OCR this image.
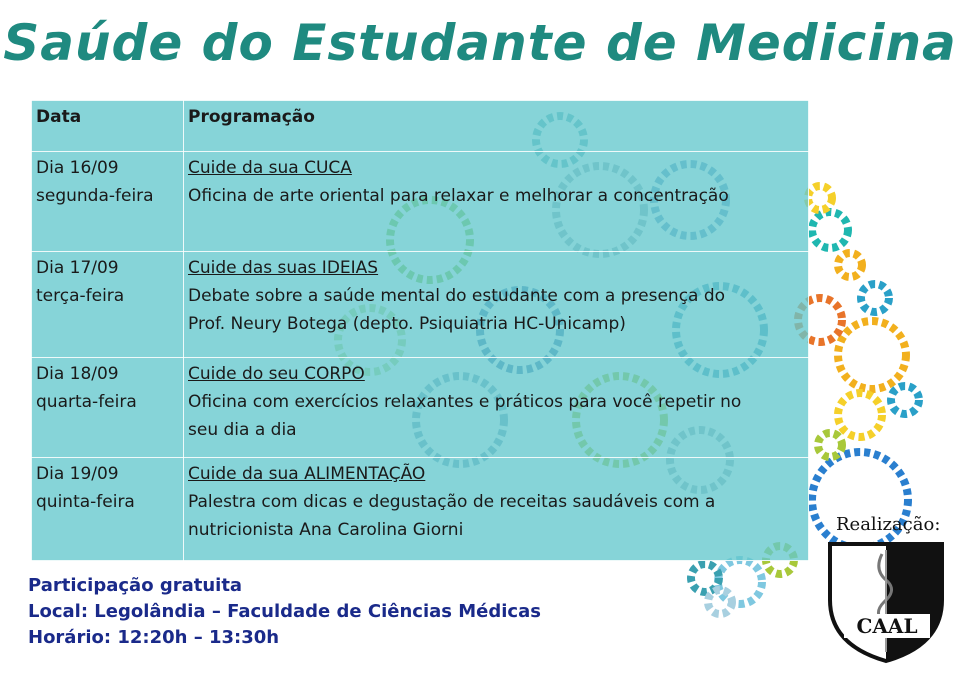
Saúde do Estudante de Medicina
Data	Programação

Dia 16/09
segunda-feira	Cuide da sua CUCA
Oficina de arte oriental para relaxar e melhorar a concentração

Dia 17/09
terça-feira	Cuide das suas IDEIAS
Debate sobre a saúde mental do estudante com a presença do
Prof. Neury Botega (depto. Psiquiatria HC-Unicamp)

Dia 18/09
quarta-feira	Cuide do seu CORPO
Oficina com exercícios relaxantes e práticos para você repetir no
seu dia a dia

Dia 19/09
quinta-feira	Cuide da sua ALIMENTAÇÃO
Palestra com dicas e degustação de receitas saudáveis com a
nutricionista Ana Carolina Giorni
Participação gratuita
Local: Legolândia – Faculdade de Ciências Médicas
Horário: 12:20h – 13:30h
Realização:
CAAL
